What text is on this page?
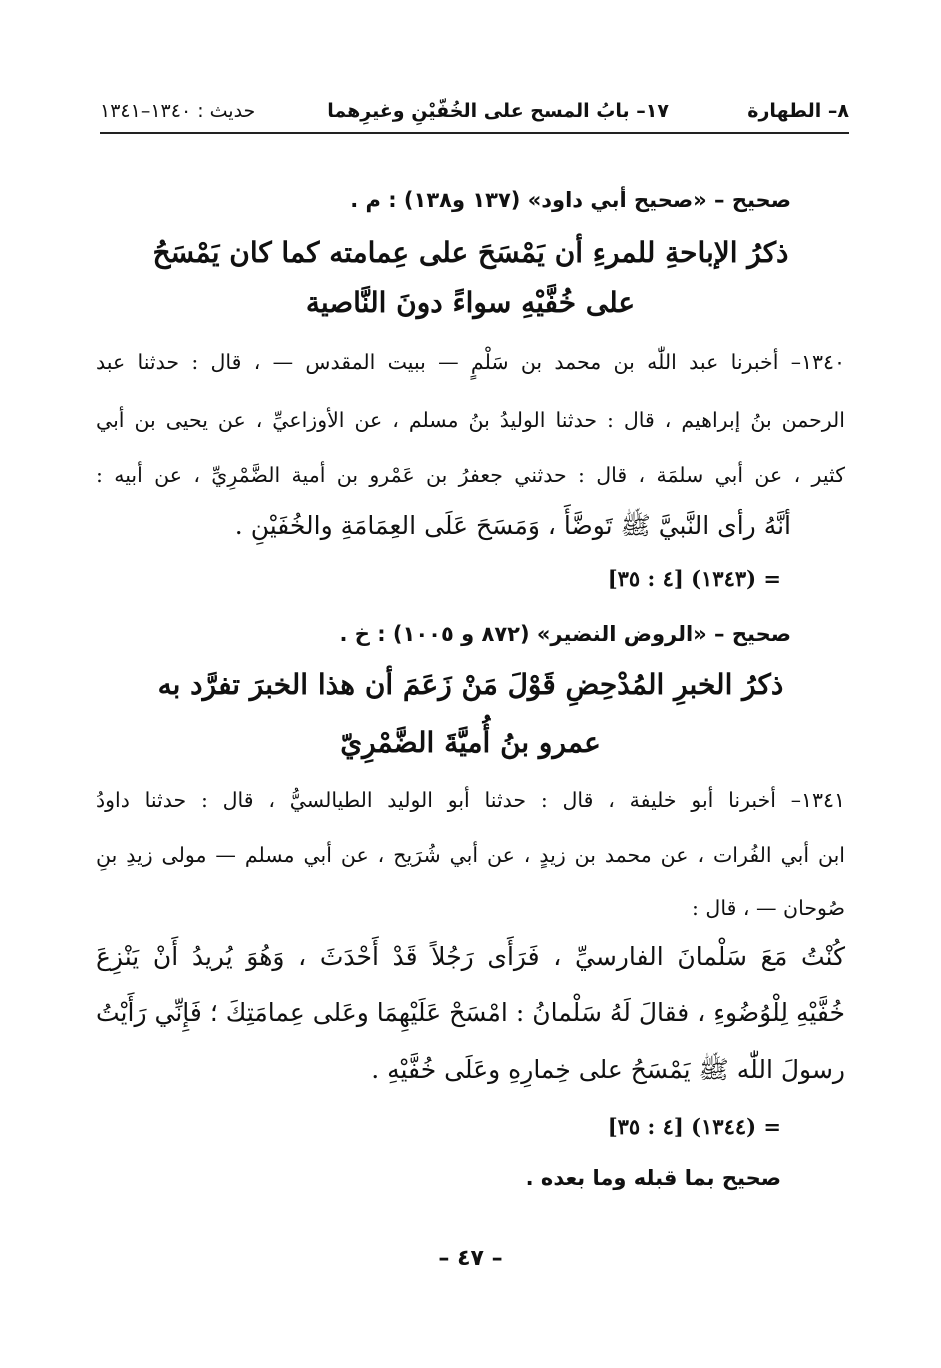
٨– الطهارة
١٧– بابُ المسح على الخُفّيْنِ وغيرِهما
حديث : ١٣٤٠–١٣٤١
صحيح – «صحيح أبي داود» (١٣٧ و١٣٨) : م .
ذكرُ الإباحةِ للمرءِ أن يَمْسَحَ على عِمامته كما كان يَمْسَحُ
على خُفَّيْهِ سواءً دونَ النَّاصية
١٣٤٠– أخبرنا عبد اللّٰه بن محمد بن سَلْمٍ — ببيت المقدس — ، قال : حدثنا عبد
الرحمن بنُ إبراهيم ، قال : حدثنا الوليدُ بنُ مسلم ، عن الأوزاعيِّ ، عن يحيى بن أبي
كثير ، عن أبي سلمَة ، قال : حدثني جعفرُ بن عَمْرو بن أمية الضَّمْرِيِّ ، عن أبيه :
أنَّهُ رأى النَّبيَّ ﷺ تَوضَّأَ ، وَمَسَحَ عَلَى العِمَامَةِ والخُفَيْنِ .
= (١٣٤٣) [٤ : ٣٥]
صحيح – «الروض النضير» (٨٧٢ و ١٠٠٥) : خ .
ذكرُ الخبرِ المُدْحِضِ قَوْلَ مَنْ زَعَمَ أن هذا الخبرَ تفرَّد به
عمرو بنُ أُميَّةَ الضَّمْرِيّ
١٣٤١– أخبرنا أبو خليفة ، قال : حدثنا أبو الوليد الطيالسيُّ ، قال : حدثنا داودُ
ابن أبي الفُرات ، عن محمد بن زيدٍ ، عن أبي شُرَيح ، عن أبي مسلم — مولى زيدِ بنِ
صُوحان — ، قال :
كُنْتُ مَعَ سَلْمانَ الفارسيِّ ، فَرَأَى رَجُلاً قَدْ أَحْدَثَ ، وَهُوَ يُريدُ أَنْ يَنْزِعَ
خُفَّيْهِ لِلْوُضُوءِ ، فقالَ لَهُ سَلْمانُ : امْسَحْ عَلَيْهِمَا وعَلى عِمامَتِكَ ؛ فَإِنِّي رَأَيْتُ
رسولَ اللّٰه ﷺ يَمْسَحُ على خِمارِهِ وعَلَى خُفَّيْهِ .
= (١٣٤٤) [٤ : ٣٥]
صحيح بما قبله وما بعده .
– ٤٧ –
